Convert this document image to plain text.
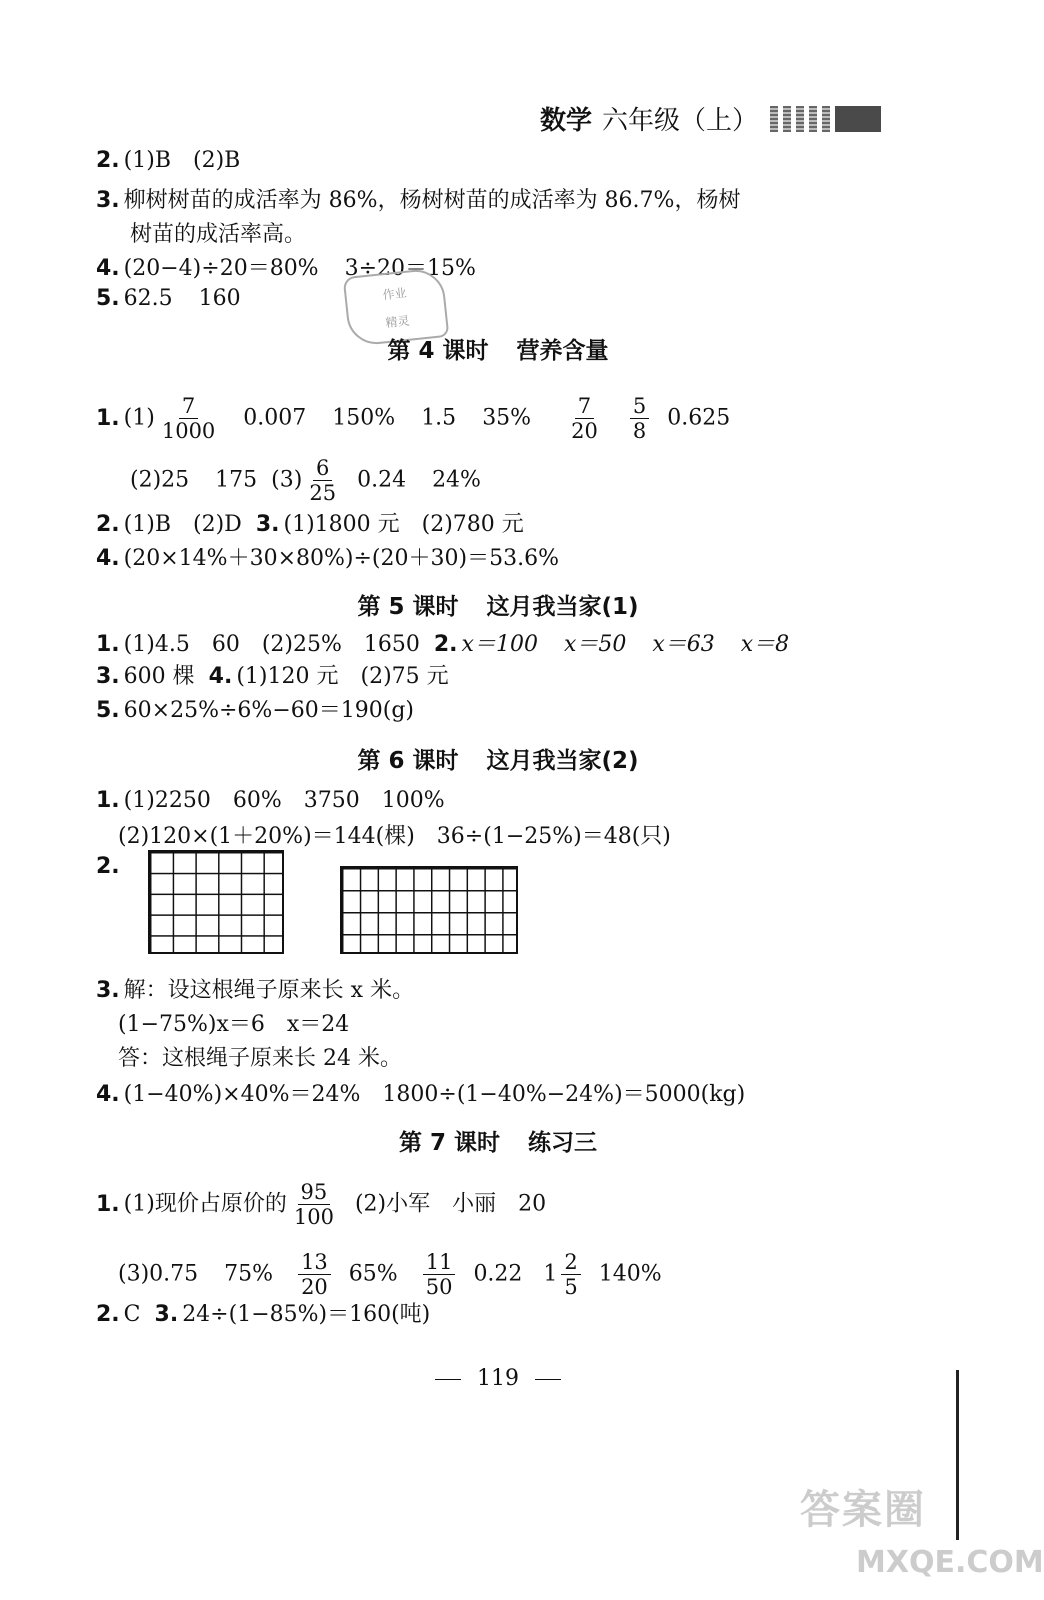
数学 六年级（上）
2. (1)B　(2)B
3. 柳树树苗的成活率为 86%，杨树树苗的成活率为 86.7%，杨树
树苗的成活率高。
4. (20−4)÷20＝80% 3÷20＝15%
5. 62.5 160	作业
精灵
第 4 课时 营养含量
1. $(1) \frac{7}{1000} 0.007$ 150% 1.5 $35\% \frac{7}{20}$
$\frac{5}{8} 0.625$
(2)25 175 $(3) \frac{6}{25} 0.24$ 24%
2. (1)B　(2)D 3. (1)1800 元　(2)780 元
4. (20×14%＋30×80%)÷(20＋30)＝53.6%
第 5 课时 这月我当家(1)
1. (1)4.5　60　(2)25%　1650 2. x＝100 x＝50 x＝63 x＝8
3. 600 棵 4. (1)120 元　(2)75 元
5. 60×25%÷6%−60＝190(g)
第 6 课时 这月我当家(2)
1. (1)2250　60%　3750　100%
(2)120×(1＋20%)＝144(棵)　36÷(1−25%)＝48(只)
2.
3. 解：设这根绳子原来长 x 米。
(1−75%)x＝6　x＝24
答：这根绳子原来长 24 米。
4. (1−40%)×40%＝24%　1800÷(1−40%−24%)＝5000(kg)
第 7 课时 练习三
1. (1)现价占原价的 $\frac{95}{100} (2)$小军　小丽　20
(3)0.75 $75\% \frac{13}{20} 65\% \frac{11}{50} 0.22$ $1 \frac{2}{5} 140\%$
2. C 3. 24÷(1−85%)＝160(吨)
119
答案圈
MXQE.COM
